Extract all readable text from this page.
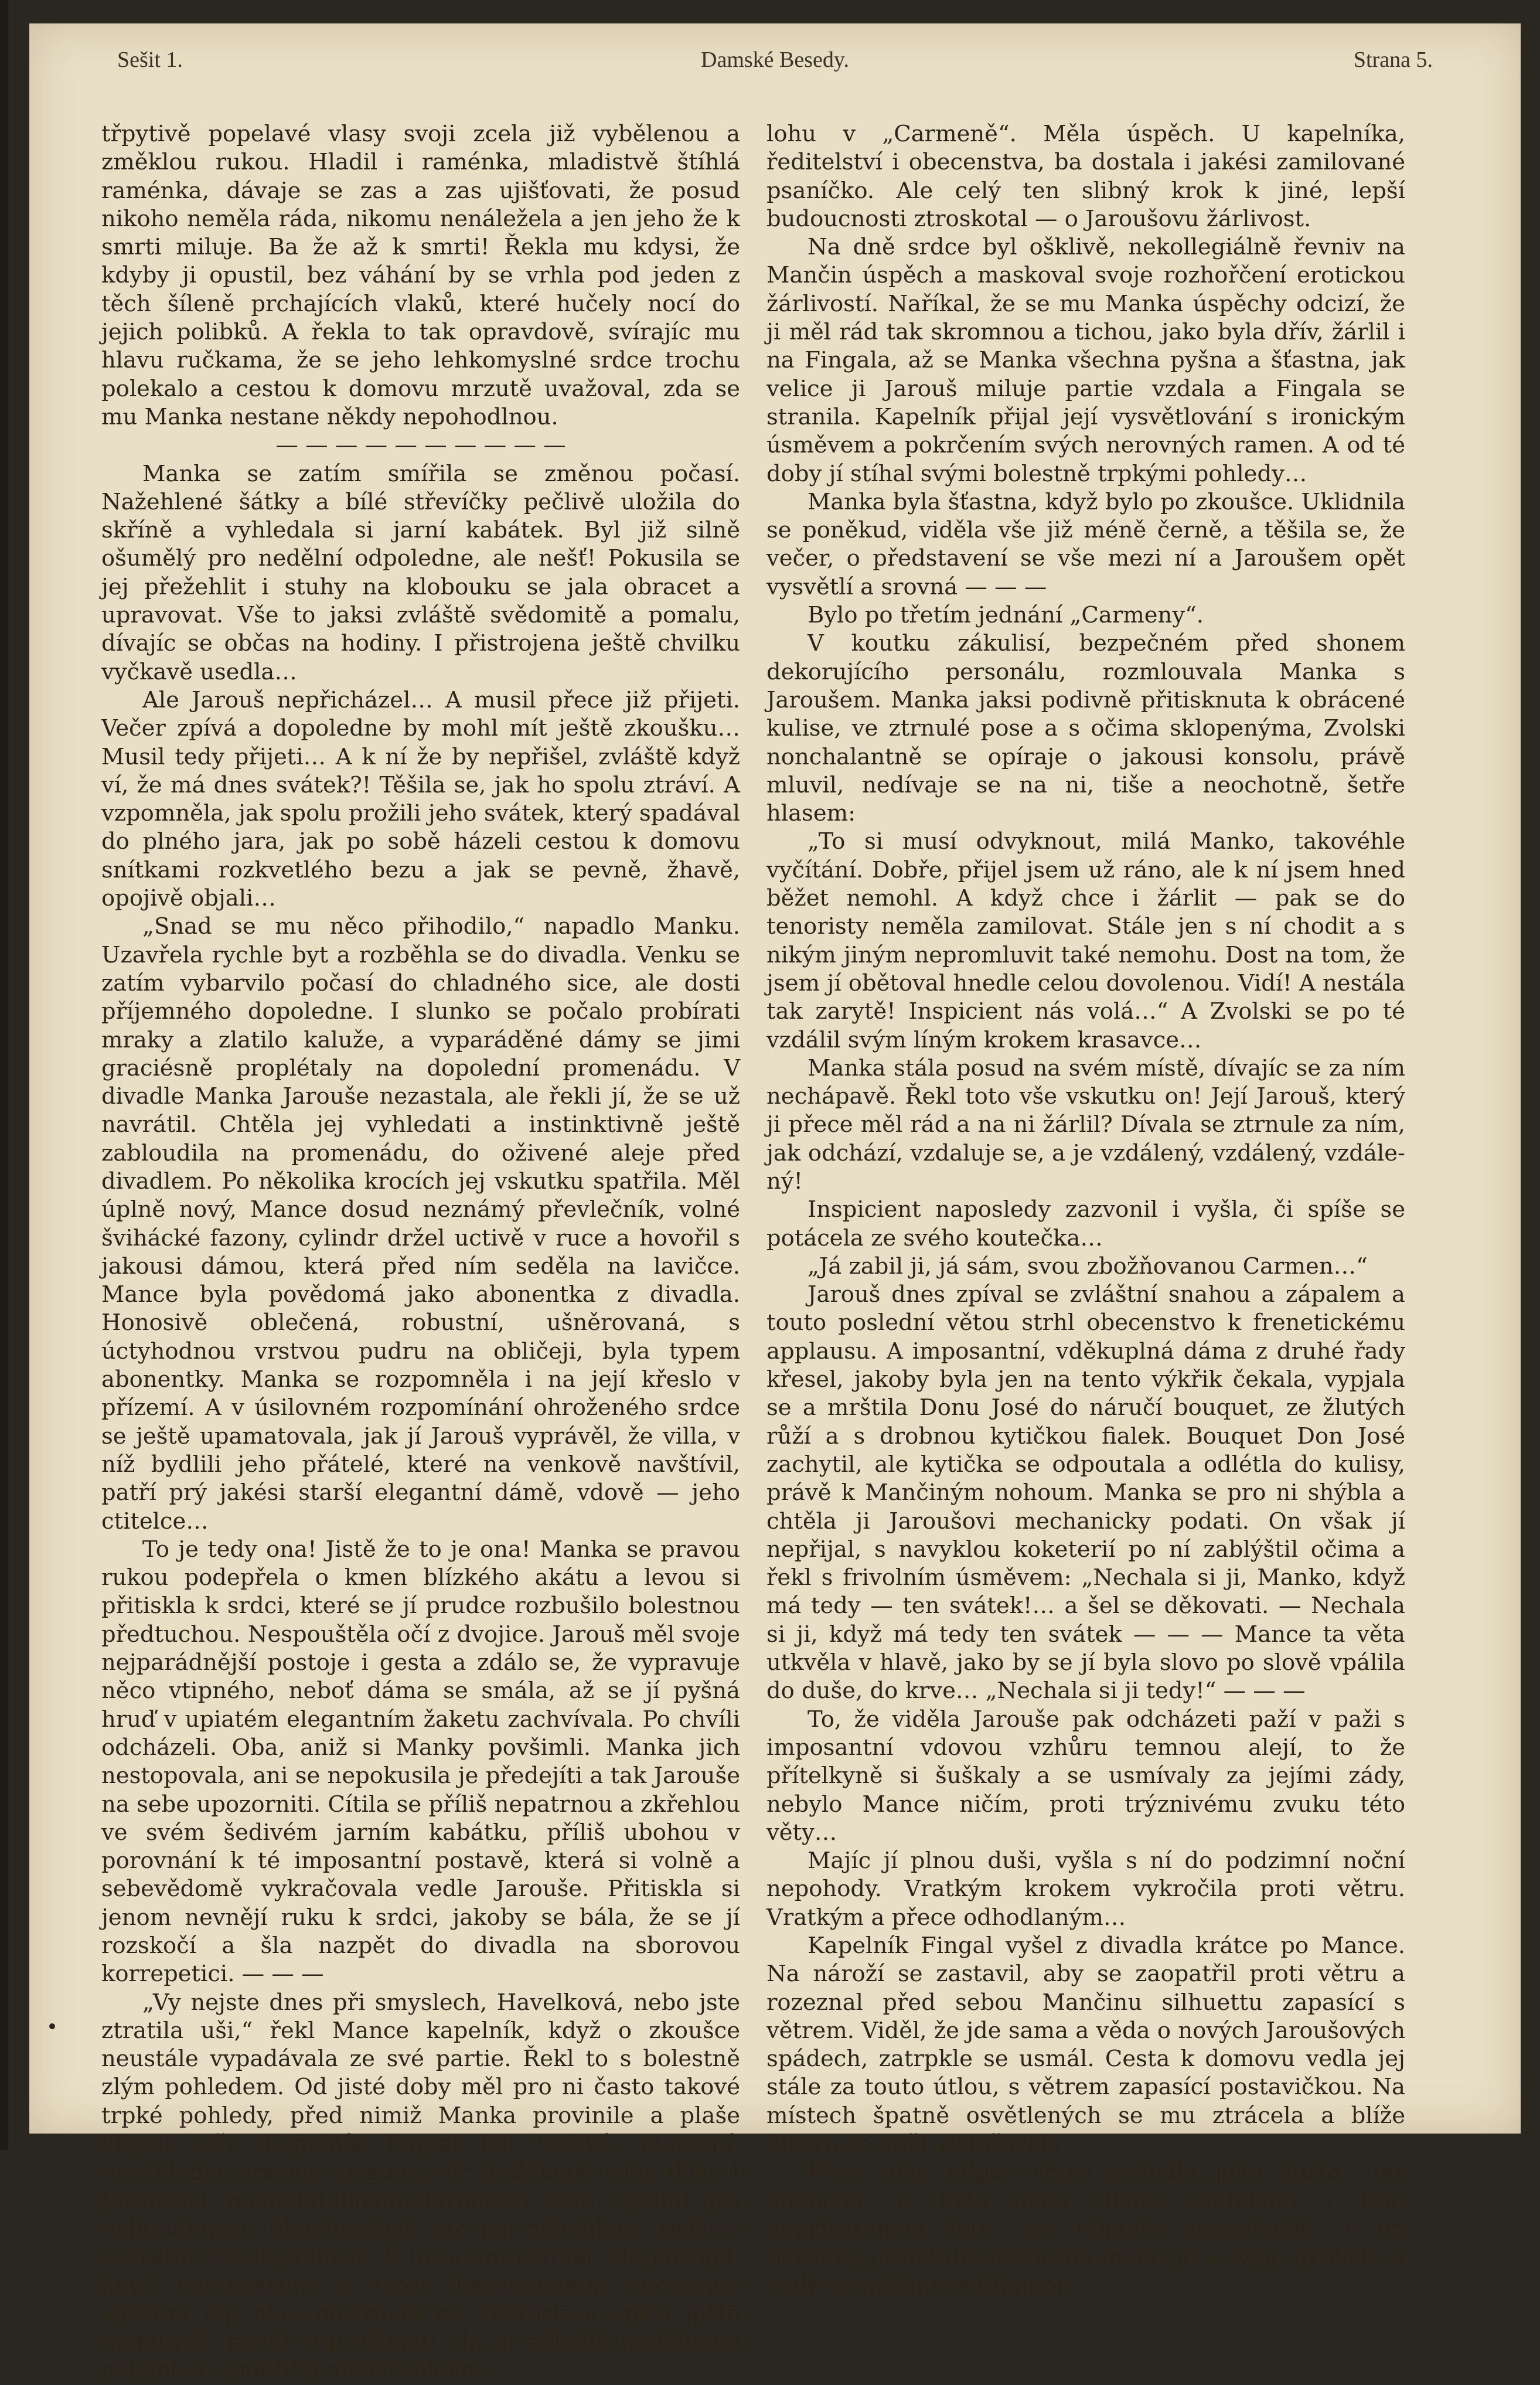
Sešit 1.	Damské Besedy.	Strana 5.

třpytivě popelavé vlasy svoji zcela již vybělenou a změklou rukou. Hladil i raménka, mladistvě štíhlá raménka, dávaje se zas a zas ujišťovati, že posud nikoho neměla ráda, nikomu nenáležela a jen jeho že k smrti miluje. Ba že až k smrti! Řekla mu kdysi, že kdyby ji opustil, bez váhání by se vrhla pod jeden z těch šíleně prchajících vlaků, které hučely nocí do jejich polibků. A řekla to tak opravdově, svírajíc mu hlavu ručkama, že se jeho lehkomyslné srdce trochu polekalo a cestou k domovu mrzutě uvažoval, zda se mu Manka nestane někdy nepohodlnou.

— — — — — — — — — —

Manka se zatím smířila se změnou počasí. Nažehlené šátky a bílé střevíčky pečlivě uložila do skříně a vyhledala si jarní kabátek. Byl již silně ošumělý pro nedělní odpoledne, ale nešť! Pokusila se jej přežehlit i stuhy na klobouku se jala obracet a upravovat. Vše to jaksi zvláště svědomitě a pomalu, dívajíc se občas na hodiny. I přistrojena ještě chvilku vyčkavě usedla…

Ale Jarouš nepřicházel… A musil přece již přijeti. Večer zpívá a dopoledne by mohl mít ještě zkoušku… Musil tedy přijeti… A k ní že by nepřišel, zvláště když ví, že má dnes svátek?! Těšila se, jak ho spolu ztráví. A vzpomněla, jak spolu prožili jeho svátek, který spadával do plného jara, jak po sobě házeli cestou k domovu snítkami rozkvetlého bezu a jak se pevně, žhavě, opojivě objali…

„Snad se mu něco přihodilo,“ napadlo Manku. Uzavřela rychle byt a rozběhla se do divadla. Venku se zatím vybarvilo počasí do chladného sice, ale dosti příjemného dopoledne. I slunko se počalo probírati mraky a zlatilo kaluže, a vyparáděné dámy se jimi graciésně proplétaly na dopolední promenádu. V divadle Manka Jarouše nezastala, ale řekli jí, že se už navrátil. Chtěla jej vyhledati a instinktivně ještě zabloudila na promenádu, do oživené aleje před divadlem. Po několika krocích jej vskutku spatřila. Měl úplně nový, Mance dosud neznámý převlečník, volné švihácké fazony, cylindr držel uctivě v ruce a hovořil s jakousi dámou, která před ním seděla na lavičce. Mance byla povědomá jako abonentka z divadla. Honosivě oblečená, robustní, ušněrovaná, s úctyhodnou vrstvou pudru na obličeji, byla typem abonentky. Manka se rozpomněla i na její křeslo v přízemí. A v úsilovném rozpomínání ohroženého srdce se ještě upamatovala, jak jí Jarouš vyprávěl, že villa, v níž bydlili jeho přátelé, které na venkově navštívil, patří prý jakési starší elegantní dámě, vdově — jeho ctitelce…

To je tedy ona! Jistě že to je ona! Manka se pravou rukou podepřela o kmen blízkého akátu a levou si přitiskla k srdci, které se jí prudce rozbušilo bolestnou předtuchou. Nespouštěla očí z dvojice. Jarouš měl svoje nejparádnější postoje i gesta a zdálo se, že vypravuje něco vtipného, neboť dáma se smála, až se jí pyšná hruď v upiatém elegantním žaketu zachvívala. Po chvíli odcházeli. Oba, aniž si Manky povšimli. Manka jich nestopovala, ani se nepokusila je předejíti a tak Jarouše na sebe upozorniti. Cítila se příliš nepatrnou a zkřehlou ve svém šedivém jarním kabátku, příliš ubohou v porovnání k té imposantní postavě, která si volně a sebevědomě vykračovala vedle Jarouše. Přitiskla si jenom nevnějí ruku k srdci, jakoby se bála, že se jí rozskočí a šla nazpět do divadla na sborovou korrepetici. — — —

„Vy nejste dnes při smyslech, Havelková, nebo jste ztratila uši,“ řekl Mance kapelník, když o zkoušce neustále vypadávala ze své partie. Řekl to s bolestně zlým pohledem. Od jisté doby měl pro ni často takové trpké pohledy, před nimiž Manka provinile a plaše klopila oči. Kapelník Fingal byl vadivé, morosní, nevzhledně sražené postavy, ale hudebník celou duší. I Jaroušovi, neodolatelnému Jaroušovi často vyčinil pro nehudebnost. Manku přijal pro její několikeré svěží a závratně vysoký hlásek. S hrou ani nedbal, ale později, když namáhavým a skoro každodenním sborovým zpěvem její hlas neztrácel na svěžesti a spíše ještě mohutněl, počal si jí všímati, dal jí několik hudebních pokynů a vyměřil jí menší solovou

lohu v „Carmeně“. Měla úspěch. U kapelníka, ředitelství i obecenstva, ba dostala i jakési zamilované psaníčko. Ale celý ten slibný krok k jiné, lepší budoucnosti ztroskotal — o Jaroušovu žárlivost.

Na dně srdce byl ošklivě, nekollegiálně řevniv na Mančin úspěch a maskoval svoje rozhořčení erotickou žárlivostí. Naříkal, že se mu Manka úspěchy odcizí, že ji měl rád tak skromnou a tichou, jako byla dřív, žárlil i na Fingala, až se Manka všechna pyšna a šťastna, jak velice ji Jarouš miluje partie vzdala a Fingala se stranila. Kapelník přijal její vysvětlování s ironickým úsměvem a pokrčením svých nerovných ramen. A od té doby jí stíhal svými bolestně trpkými pohledy…

Manka byla šťastna, když bylo po zkoušce. Uklidnila se poněkud, viděla vše již méně černě, a těšila se, že večer, o představení se vše mezi ní a Jaroušem opět vysvětlí a srovná — — —

Bylo po třetím jednání „Carmeny“.

V koutku zákulisí, bezpečném před shonem dekorujícího personálu, rozmlouvala Manka s Jaroušem. Manka jaksi podivně přitisknuta k obrácené kulise, ve ztrnulé pose a s očima sklopenýma, Zvolski nonchalantně se opíraje o jakousi konsolu, právě mluvil, nedívaje se na ni, tiše a neochotně, šetře hlasem:

„To si musí odvyknout, milá Manko, takovéhle vyčítání. Dobře, přijel jsem už ráno, ale k ní jsem hned běžet nemohl. A když chce i žárlit — pak se do tenoristy neměla zamilovat. Stále jen s ní chodit a s nikým jiným nepromluvit také nemohu. Dost na tom, že jsem jí obětoval hnedle celou dovolenou. Vidí! A nestála tak zarytě! Inspicient nás volá…“ A Zvolski se po té vzdálil svým líným krokem krasavce…

Manka stála posud na svém místě, dívajíc se za ním nechápavě. Řekl toto vše vskutku on! Její Jarouš, který ji přece měl rád a na ni žárlil? Dívala se ztrnule za ním, jak odchází, vzdaluje se, a je vzdálený, vzdálený, vzdále-ný!

Inspicient naposledy zazvonil i vyšla, či spíše se potácela ze svého koutečka…

„Já zabil ji, já sám, svou zbožňovanou Carmen…“

Jarouš dnes zpíval se zvláštní snahou a zápalem a touto poslední větou strhl obecenstvo k frenetickému applausu. A imposantní, vděkuplná dáma z druhé řady křesel, jakoby byla jen na tento výkřik čekala, vypjala se a mrštila Donu José do náručí bouquet, ze žlutých růží a s drobnou kytičkou fialek. Bouquet Don José zachytil, ale kytička se odpoutala a odlétla do kulisy, právě k Mančiným nohoum. Manka se pro ni shýbla a chtěla ji Jaroušovi mechanicky podati. On však jí nepřijal, s navyklou koketerií po ní zablýštil očima a řekl s frivolním úsměvem: „Nechala si ji, Manko, když má tedy — ten svátek!… a šel se děkovati. — Nechala si ji, když má tedy ten svátek — — — Mance ta věta utkvěla v hlavě, jako by se jí byla slovo po slově vpálila do duše, do krve… „Nechala si ji tedy!“ — — —

To, že viděla Jarouše pak odcházeti paží v paži s imposantní vdovou vzhůru temnou alejí, to že přítelkyně si šuškaly a se usmívaly za jejími zády, nebylo Mance ničím, proti trýznivému zvuku této věty…

Majíc jí plnou duši, vyšla s ní do podzimní noční nepohody. Vratkým krokem vykročila proti větru. Vratkým a přece odhodlaným…

Kapelník Fingal vyšel z divadla krátce po Mance. Na nároží se zastavil, aby se zaopatřil proti větru a rozeznal před sebou Mančinu silhuettu zapasící s větrem. Viděl, že jde sama a věda o nových Jaroušových spádech, zatrpkle se usmál. Cesta k domovu vedla jej stále za touto útlou, s větrem zapasící postavičkou. Na místech špatně osvětlených se mu ztrácela a blíže lucern se opět vynořovala.

Přes silný odpor větru prchala jako šipka, bez oddechu. A bylo něco šíleně zoufalého v tom nepřirozeném letu, co Fingala znepokojilo. I on bezděky přidal do kroku, ba minul již i svoje bydliště a stále pospíchal za Mankou.
